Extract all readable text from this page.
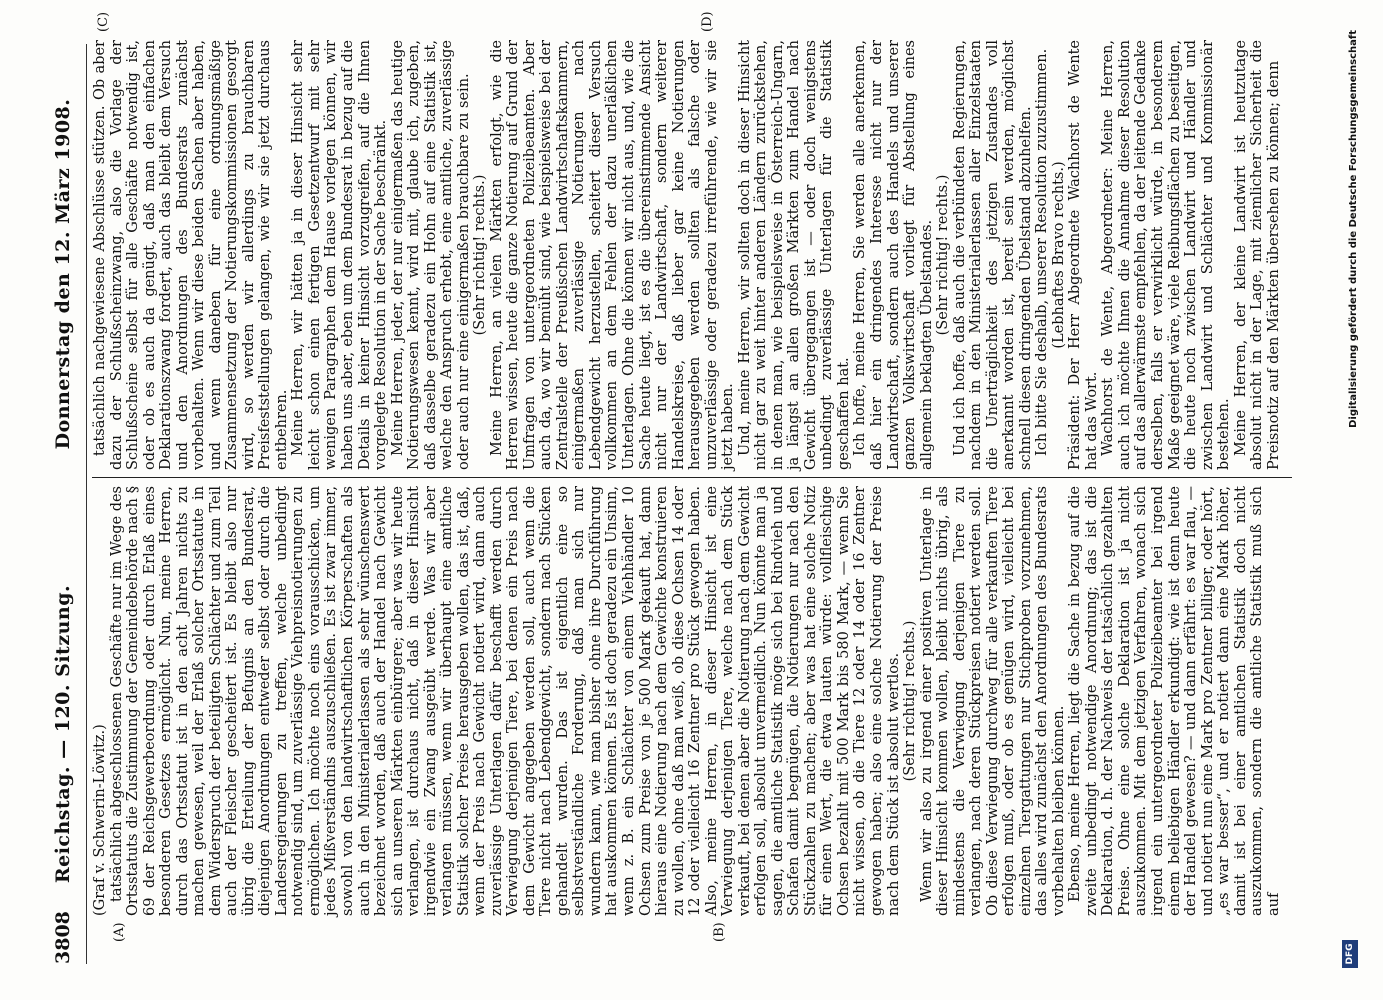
3808
Reichstag. — 120. Sitzung.
Donnerstag den 12. März 1908.
(A)	(B)
(C)	(D)

(Graf v. Schwerin-Löwitz.) tatsächlich abgeschlossenen Geschäfte nur im Wege des Ortsstatuts die Zustimmung der Gemeindebehörde nach § 69 der Reichsgewerbeordnung oder durch Erlaß eines besonderen Gesetzes ermöglicht. Nun, meine Herren, durch das Ortsstatut ist in den acht Jahren nichts zu machen gewesen, weil der Erlaß solcher Ortsstatute in dem Widerspruch der beteiligten Schlächter und zum Teil auch der Fleischer gescheitert ist. Es bleibt also nur übrig die Erteilung der Befugnis an den Bundesrat, diejenigen Anordnungen entweder selbst oder durch die Landesregierungen zu treffen, welche unbedingt notwendig sind, um zuverlässige Viehpreisnotierungen zu ermöglichen. Ich möchte noch eins vorausschicken, um jedes Mißverständnis auszuschließen. Es ist zwar immer, sowohl von den landwirtschaftlichen Körperschaften als auch in den Ministerialerlassen als sehr wünschenswert bezeichnet worden, daß auch der Handel nach Gewicht sich an unseren Märkten einbürgere; aber was wir heute verlangen, ist durchaus nicht, daß in dieser Hinsicht irgendwie ein Zwang ausgeübt werde. Was wir aber verlangen müssen, wenn wir überhaupt eine amtliche Statistik solcher Preise herausgeben wollen, das ist, daß, wenn der Preis nach Gewicht notiert wird, dann auch zuverlässige Unterlagen dafür beschafft werden durch Verwiegung derjenigen Tiere, bei denen ein Preis nach dem Gewicht angegeben werden soll, auch wenn die Tiere nicht nach Lebendgewicht, sondern nach Stücken gehandelt wurden. Das ist eigentlich eine so selbstverständliche Forderung, daß man sich nur wundern kann, wie man bisher ohne ihre Durchführung hat auskommen können. Es ist doch geradezu ein Unsinn, wenn z. B. ein Schlächter von einem Viehhändler 10 Ochsen zum Preise von je 500 Mark gekauft hat, dann hieraus eine Notierung nach dem Gewichte konstruieren zu wollen, ohne daß man weiß, ob diese Ochsen 14 oder 12 oder vielleicht 16 Zentner pro Stück gewogen haben. Also, meine Herren, in dieser Hinsicht ist eine Verwiegung derjenigen Tiere, welche nach dem Stück verkauft, bei denen aber die Notierung nach dem Gewicht erfolgen soll, absolut unvermeidlich. Nun könnte man ja sagen, die amtliche Statistik möge sich bei Rindvieh und Schafen damit begnügen, die Notierungen nur nach den Stückzahlen zu machen; aber was hat eine solche Notiz für einen Wert, die etwa lauten würde: vollfleischige Ochsen bezahlt mit 500 Mark bis 580 Mark, — wenn Sie nicht wissen, ob die Tiere 12 oder 14 oder 16 Zentner gewogen haben; also eine solche Notierung der Preise nach dem Stück ist absolut wertlos. (Sehr richtig! rechts.) Wenn wir also zu irgend einer positiven Unterlage in dieser Hinsicht kommen wollen, bleibt nichts übrig, als mindestens die Verwiegung derjenigen Tiere zu verlangen, nach deren Stückpreisen notiert werden soll. Ob diese Verwiegung durchweg für alle verkauften Tiere erfolgen muß, oder ob es genügen wird, vielleicht bei einzelnen Tiergattungen nur Stichproben vorzunehmen, das alles wird zunächst den Anordnungen des Bundesrats vorbehalten bleiben können. Ebenso, meine Herren, liegt die Sache in bezug auf die zweite unbedingt notwendige Anordnung; das ist die Deklaration, d. h. der Nachweis der tatsächlich gezahlten Preise. Ohne eine solche Deklaration ist ja nicht auszukommen. Mit dem jetzigen Verfahren, wonach sich irgend ein untergeordneter Polizeibeamter bei irgend einem beliebigen Händler erkundigt: wie ist denn heute der Handel gewesen? — und dann erfährt: es war flau, — und notiert nun eine Mark pro Zentner billiger, oder hört, „es war besser“, und er notiert dann eine Mark höher, damit ist bei einer amtlichen Statistik doch nicht auszukommen, sondern die amtliche Statistik muß sich auf

tatsächlich nachgewiesene Abschlüsse stützen. Ob aber dazu der Schlußscheinzwang, also die Vorlage der Schlußscheine selbst für alle Geschäfte notwendig ist, oder ob es auch da genügt, daß man den einfachen Deklarationszwang fordert, auch das bleibt dem Versuch und den Anordnungen des Bundesrats zunächst vorbehalten. Wenn wir diese beiden Sachen aber haben, und wenn daneben für eine ordnungsmäßige Zusammensetzung der Notierungskommissionen gesorgt wird, so werden wir allerdings zu brauchbaren Preisfeststellungen gelangen, wie wir sie jetzt durchaus entbehren. Meine Herren, wir hätten ja in dieser Hinsicht sehr leicht schon einen fertigen Gesetzentwurf mit sehr wenigen Paragraphen dem Hause vorlegen können, wir haben uns aber, eben um dem Bundesrat in bezug auf die Details in keiner Hinsicht vorzugreifen, auf die Ihnen vorgelegte Resolution in der Sache beschränkt. Meine Herren, jeder, der nur einigermaßen das heutige Notierungswesen kennt, wird mit, glaube ich, zugeben, daß dasselbe geradezu ein Hohn auf eine Statistik ist, welche den Anspruch erhebt, eine amtliche, zuverlässige oder auch nur eine einigermaßen brauchbare zu sein. (Sehr richtig! rechts.) Meine Herren, an vielen Märkten erfolgt, wie die Herren wissen, heute die ganze Notierung auf Grund der Umfragen von untergeordneten Polizeibeamten. Aber auch da, wo wir bemüht sind, wie beispielsweise bei der Zentralstelle der Preußischen Landwirtschaftskammern, einigermaßen zuverlässige Notierungen nach Lebendgewicht herzustellen, scheitert dieser Versuch vollkommen an dem Fehlen der dazu unerläßlichen Unterlagen. Ohne die können wir nicht aus, und, wie die Sache heute liegt, ist es die übereinstimmende Ansicht nicht nur der Landwirtschaft, sondern weiterer Handelskreise, daß lieber gar keine Notierungen herausgegeben werden sollten als falsche oder unzuverlässige oder geradezu irreführende, wie wir sie jetzt haben. Und, meine Herren, wir sollten doch in dieser Hinsicht nicht gar zu weit hinter anderen Ländern zurückstehen, in denen man, wie beispielsweise in Österreich-Ungarn, ja längst an allen großen Märkten zum Handel nach Gewicht übergegangen ist — oder doch wenigstens unbedingt zuverlässige Unterlagen für die Statistik geschaffen hat. Ich hoffe, meine Herren, Sie werden alle anerkennen, daß hier ein dringendes Interesse nicht nur der Landwirtschaft, sondern auch des Handels und unserer ganzen Volkswirtschaft vorliegt für Abstellung eines allgemein beklagten Übelstandes. (Sehr richtig! rechts.) Und ich hoffe, daß auch die verbündeten Regierungen, nachdem in den Ministerialerlassen aller Einzelstaaten die Unerträglichkeit des jetzigen Zustandes voll anerkannt worden ist, bereit sein werden, möglichst schnell diesen dringenden Übelstand abzuhelfen. Ich bitte Sie deshalb, unserer Resolution zuzustimmen. (Lebhaftes Bravo rechts.) Präsident: Der Herr Abgeordnete Wachhorst de Wente hat das Wort. Wachhorst de Wente, Abgeordneter: Meine Herren, auch ich möchte Ihnen die Annahme dieser Resolution auf das allerwärmste empfehlen, da der leitende Gedanke derselben, falls er verwirklicht würde, in besonderem Maße geeignet wäre, viele Reibungsflächen zu beseitigen, die heute noch zwischen Landwirt und Händler und zwischen Landwirt und Schlächter und Kommissionär bestehen. Meine Herren, der kleine Landwirt ist heutzutage absolut nicht in der Lage, mit ziemlicher Sicherheit die Preisnotiz auf den Märkten übersehen zu können; denn

DFG
Digitalisierung gefördert durch die Deutsche Forschungsgemeinschaft
